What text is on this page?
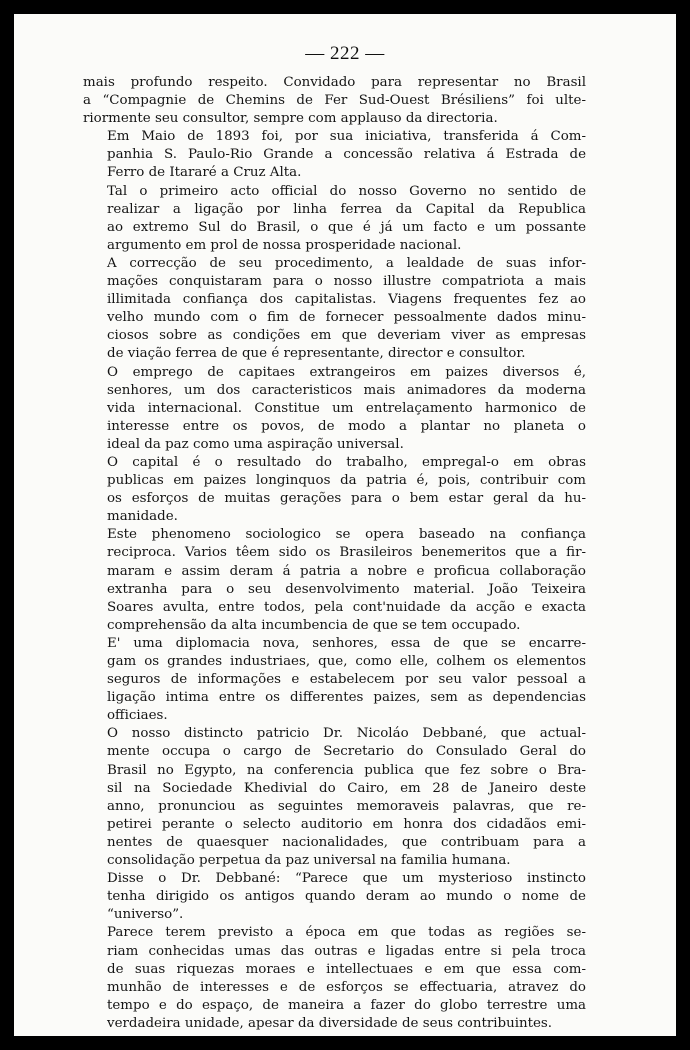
— 222 —

mais profundo respeito. Convidado para representar no Brasil
a “Compagnie de Chemins de Fer Sud-Ouest Brésiliens” foi ulte-
riormente seu consultor, sempre com applauso da directoria.

Em Maio de 1893 foi, por sua iniciativa, transferida á Com-
panhia S. Paulo-Rio Grande a concessão relativa á Estrada de
Ferro de Itararé a Cruz Alta.

Tal o primeiro acto official do nosso Governo no sentido de
realizar a ligação por linha ferrea da Capital da Republica
ao extremo Sul do Brasil, o que é já um facto e um possante
argumento em prol de nossa prosperidade nacional.

A correcção de seu procedimento, a lealdade de suas infor-
mações conquistaram para o nosso illustre compatriota a mais
illimitada confiança dos capitalistas. Viagens frequentes fez ao
velho mundo com o fim de fornecer pessoalmente dados minu-
ciosos sobre as condições em que deveriam viver as empresas
de viação ferrea de que é representante, director e consultor.

O emprego de capitaes extrangeiros em paizes diversos é,
senhores, um dos caracteristicos mais animadores da moderna
vida internacional. Constitue um entrelaçamento harmonico de
interesse entre os povos, de modo a plantar no planeta o
ideal da paz como uma aspiração universal.

O capital é o resultado do trabalho, empregal-o em obras
publicas em paizes longinquos da patria é, pois, contribuir com
os esforços de muitas gerações para o bem estar geral da hu-
manidade.

Este phenomeno sociologico se opera baseado na confiança
reciproca. Varios têem sido os Brasileiros benemeritos que a fir-
maram e assim deram á patria a nobre e proficua collaboração
extranha para o seu desenvolvimento material. João Teixeira
Soares avulta, entre todos, pela cont'nuidade da acção e exacta
comprehensão da alta incumbencia de que se tem occupado.

E' uma diplomacia nova, senhores, essa de que se encarre-
gam os grandes industriaes, que, como elle, colhem os elementos
seguros de informações e estabelecem por seu valor pessoal a
ligação intima entre os differentes paizes, sem as dependencias
officiaes.

O nosso distincto patricio Dr. Nicoláo Debbané, que actual-
mente occupa o cargo de Secretario do Consulado Geral do
Brasil no Egypto, na conferencia publica que fez sobre o Bra-
sil na Sociedade Khedivial do Cairo, em 28 de Janeiro deste
anno, pronunciou as seguintes memoraveis palavras, que re-
petirei perante o selecto auditorio em honra dos cidadãos emi-
nentes de quaesquer nacionalidades, que contribuam para a
consolidação perpetua da paz universal na familia humana.

Disse o Dr. Debbané: “Parece que um mysterioso instincto
tenha dirigido os antigos quando deram ao mundo o nome de
“universo”.

Parece terem previsto a época em que todas as regiões se-
riam conhecidas umas das outras e ligadas entre si pela troca
de suas riquezas moraes e intellectuaes e em que essa com-
munhão de interesses e de esforços se effectuaria, atravez do
tempo e do espaço, de maneira a fazer do globo terrestre uma
verdadeira unidade, apesar da diversidade de seus contribuintes.
